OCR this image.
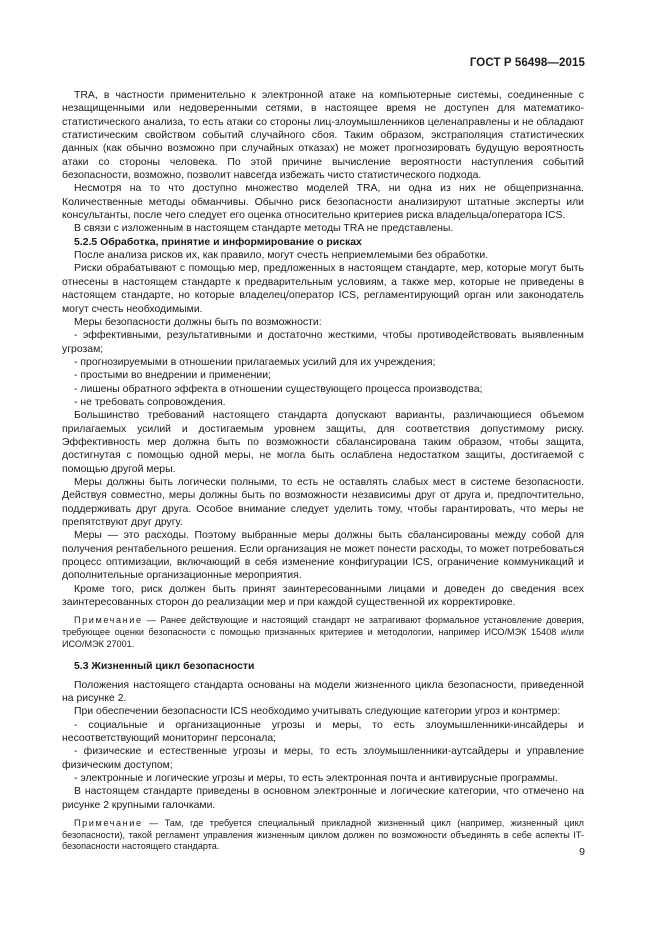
ГОСТ Р 56498—2015

TRA, в частности применительно к электронной атаке на компьютерные системы, соединенные с незащищенными или недоверенными сетями, в настоящее время не доступен для математико-статистического анализа, то есть атаки со стороны лиц-злоумышленников целенаправлены и не обладают статистическим свойством событий случайного сбоя. Таким образом, экстраполяция статистических данных (как обычно возможно при случайных отказах) не может прогнозировать будущую вероятность атаки со стороны человека. По этой причине вычисление вероятности наступления событий безопасности, возможно, позволит навсегда избежать чисто статистического подхода.

Несмотря на то что доступно множество моделей TRA, ни одна из них не общепризнанна. Количественные методы обманчивы. Обычно риск безопасности анализируют штатные эксперты или консультанты, после чего следует его оценка относительно критериев риска владельца/оператора ICS.

В связи с изложенным в настоящем стандарте методы TRA не представлены.

5.2.5 Обработка, принятие и информирование о рисках

После анализа рисков их, как правило, могут счесть неприемлемыми без обработки.

Риски обрабатывают с помощью мер, предложенных в настоящем стандарте, мер, которые могут быть отнесены в настоящем стандарте к предварительным условиям, а также мер, которые не приведены в настоящем стандарте, но которые владелец/оператор ICS, регламентирующий орган или законодатель могут счесть необходимыми.

Меры безопасности должны быть по возможности:

- эффективными, результативными и достаточно жесткими, чтобы противодействовать выявленным угрозам;

- прогнозируемыми в отношении прилагаемых усилий для их учреждения;

- простыми во внедрении и применении;

- лишены обратного эффекта в отношении существующего процесса производства;

- не требовать сопровождения.

Большинство требований настоящего стандарта допускают варианты, различающиеся объемом прилагаемых усилий и достигаемым уровнем защиты, для соответствия допустимому риску. Эффективность мер должна быть по возможности сбалансирована таким образом, чтобы защита, достигнутая с помощью одной меры, не могла быть ослаблена недостатком защиты, достигаемой с помощью другой меры.

Меры должны быть логически полными, то есть не оставлять слабых мест в системе безопасности. Действуя совместно, меры должны быть по возможности независимы друг от друга и, предпочтительно, поддерживать друг друга. Особое внимание следует уделить тому, чтобы гарантировать, что меры не препятствуют друг другу.

Меры — это расходы. Поэтому выбранные меры должны быть сбалансированы между собой для получения рентабельного решения. Если организация не может понести расходы, то может потребоваться процесс оптимизации, включающий в себя изменение конфигурации ICS, ограничение коммуникаций и дополнительные организационные мероприятия.

Кроме того, риск должен быть принят заинтересованными лицами и доведен до сведения всех заинтересованных сторон до реализации мер и при каждой существенной их корректировке.

Примечание — Ранее действующие и настоящий стандарт не затрагивают формальное установление доверия, требующее оценки безопасности с помощью признанных критериев и методологии, например ИСО/МЭК 15408 и/или ИСО/МЭК 27001.

5.3 Жизненный цикл безопасности

Положения настоящего стандарта основаны на модели жизненного цикла безопасности, приведенной на рисунке 2.

При обеспечении безопасности ICS необходимо учитывать следующие категории угроз и контрмер:

- социальные и организационные угрозы и меры, то есть злоумышленники-инсайдеры и несоответствующий мониторинг персонала;

- физические и естественные угрозы и меры, то есть злоумышленники-аутсайдеры и управление физическим доступом;

- электронные и логические угрозы и меры, то есть электронная почта и антивирусные программы.

В настоящем стандарте приведены в основном электронные и логические категории, что отмечено на рисунке 2 крупными галочками.

Примечание — Там, где требуется специальный прикладной жизненный цикл (например, жизненный цикл безопасности), такой регламент управления жизненным циклом должен по возможности объединять в себе аспекты IT-безопасности настоящего стандарта.	9
